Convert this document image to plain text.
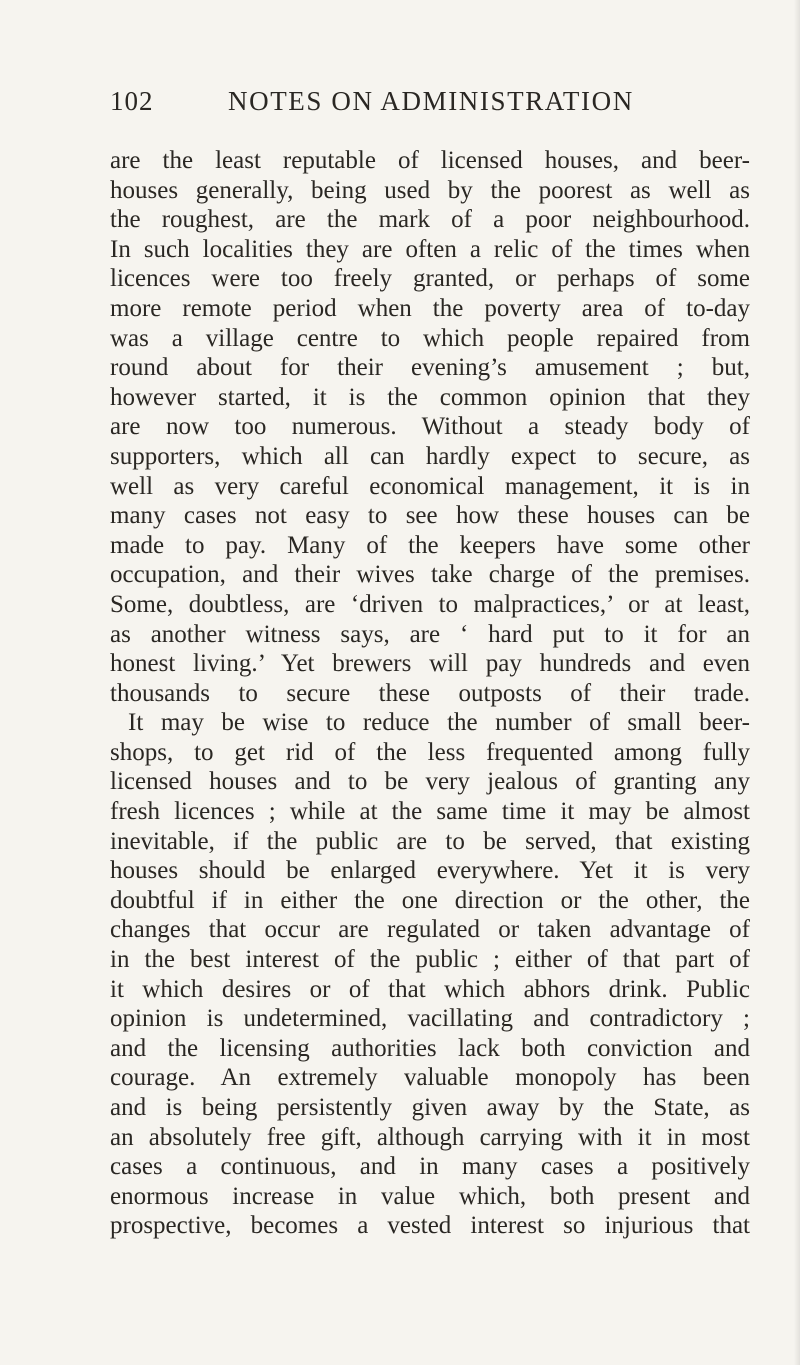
102	NOTES ON ADMINISTRATION
are the least reputable of licensed houses, and beer-
houses generally, being used by the poorest as well as
the roughest, are the mark of a poor neighbourhood.
In such localities they are often a relic of the times when
licences were too freely granted, or perhaps of some
more remote period when the poverty area of to-day
was a village centre to which people repaired from
round about for their evening’s amusement ; but,
however started, it is the common opinion that they
are now too numerous. Without a steady body of
supporters, which all can hardly expect to secure, as
well as very careful economical management, it is in
many cases not easy to see how these houses can be
made to pay. Many of the keepers have some other
occupation, and their wives take charge of the premises.
Some, doubtless, are ‘driven to malpractices,’ or at least,
as another witness says, are ‘ hard put to it for an
honest living.’ Yet brewers will pay hundreds and even
thousands to secure these outposts of their trade.
It may be wise to reduce the number of small beer-
shops, to get rid of the less frequented among fully
licensed houses and to be very jealous of granting any
fresh licences ; while at the same time it may be almost
inevitable, if the public are to be served, that existing
houses should be enlarged everywhere. Yet it is very
doubtful if in either the one direction or the other, the
changes that occur are regulated or taken advantage of
in the best interest of the public ; either of that part of
it which desires or of that which abhors drink. Public
opinion is undetermined, vacillating and contradictory ;
and the licensing authorities lack both conviction and
courage. An extremely valuable monopoly has been
and is being persistently given away by the State, as
an absolutely free gift, although carrying with it in most
cases a continuous, and in many cases a positively
enormous increase in value which, both present and
prospective, becomes a vested interest so injurious that
